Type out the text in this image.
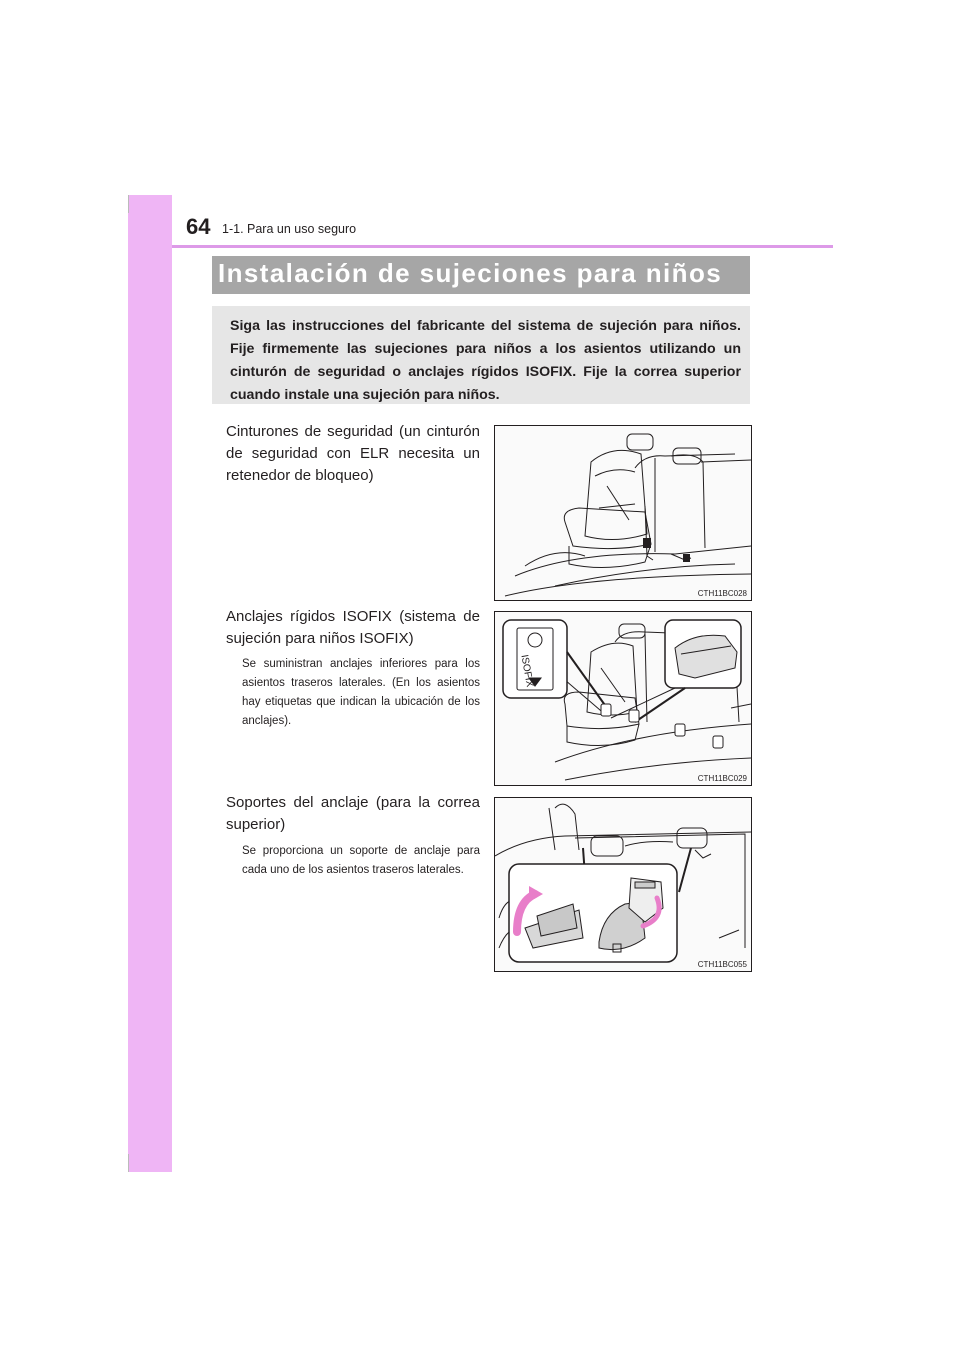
64 1-1. Para un uso seguro
Instalación de sujeciones para niños

Siga las instrucciones del fabricante del sistema de sujeción para niños. Fije firmemente las sujeciones para niños a los asientos utilizando un cinturón de seguridad o anclajes rígidos ISOFIX. Fije la correa superior cuando instale una sujeción para niños.

Cinturones de seguridad (un cinturón de seguridad con ELR necesita un retenedor de bloqueo)

CTH11BC028

Anclajes rígidos ISOFIX (sistema de sujeción para niños ISOFIX)

Se suministran anclajes inferiores para los asientos traseros laterales. (En los asientos hay etiquetas que indican la ubicación de los anclajes).

ISOFIX
CTH11BC029

Soportes del anclaje (para la correa superior)

Se proporciona un soporte de anclaje para cada uno de los asientos traseros laterales.

CTH11BC055
